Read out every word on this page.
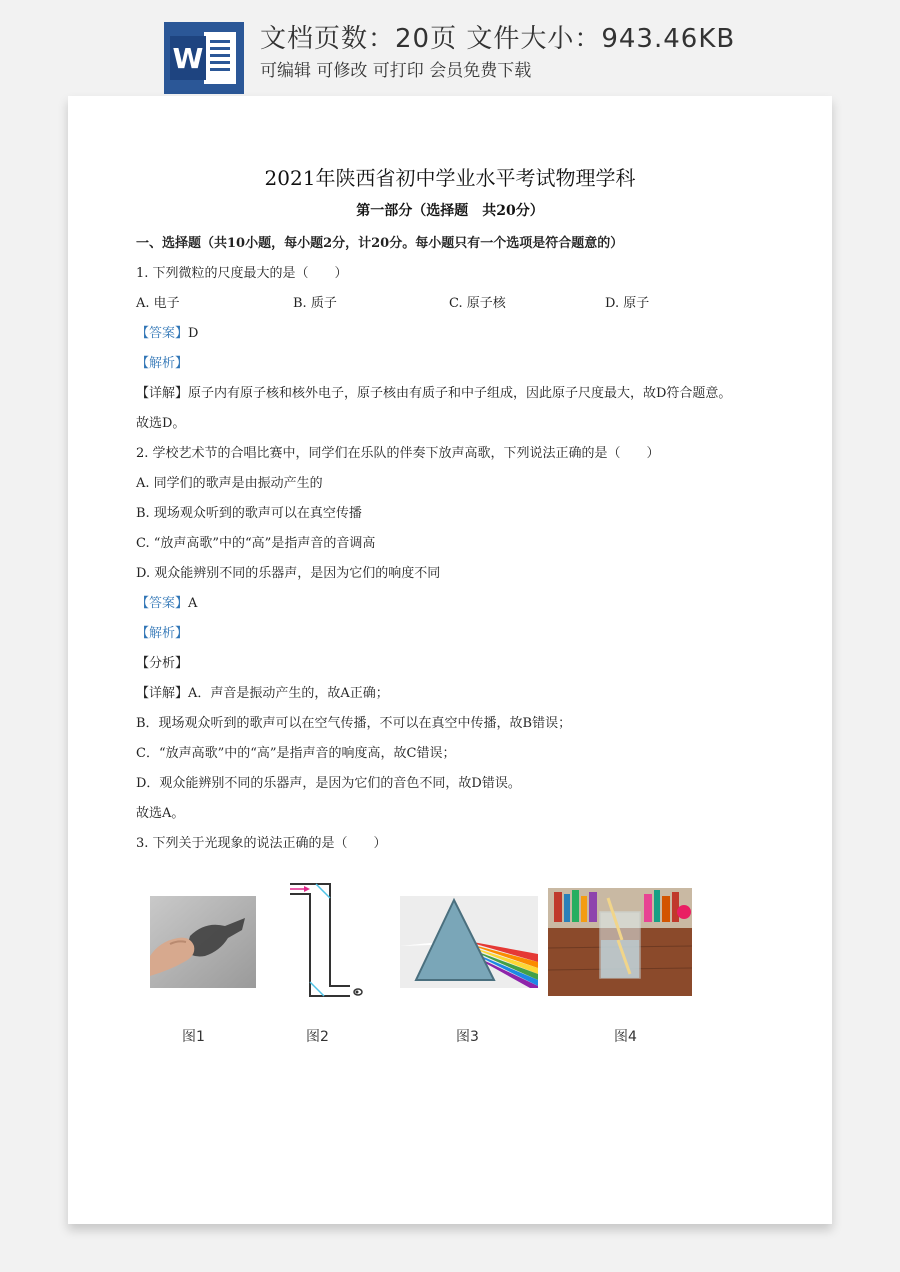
W
文档页数：20页 文件大小：943.46KB
可编辑 可修改 可打印 会员免费下载
2021年陕西省初中学业水平考试物理学科
第一部分（选择题　共20分）
一、选择题（共10小题，每小题2分，计20分。每小题只有一个选项是符合题意的）
1. 下列微粒的尺度最大的是（　　）
A. 电子	B. 质子	C. 原子核	D. 原子
【答案】D
【解析】
【详解】原子内有原子核和核外电子，原子核由有质子和中子组成，因此原子尺度最大，故D符合题意。
故选D。
2. 学校艺术节的合唱比赛中，同学们在乐队的伴奏下放声高歌，下列说法正确的是（　　）
A. 同学们的歌声是由振动产生的
B. 现场观众听到的歌声可以在真空传播
C. “放声高歌”中的“高”是指声音的音调高
D. 观众能辨别不同的乐器声，是因为它们的响度不同
【答案】A
【解析】
【分析】
【详解】A．声音是振动产生的，故A正确；
B．现场观众听到的歌声可以在空气传播，不可以在真空中传播，故B错误；
C．“放声高歌”中的“高”是指声音的响度高，故C错误；
D．观众能辨别不同的乐器声，是因为它们的音色不同，故D错误。
故选A。
3. 下列关于光现象的说法正确的是（　　）
图1	图2	图3	图4
